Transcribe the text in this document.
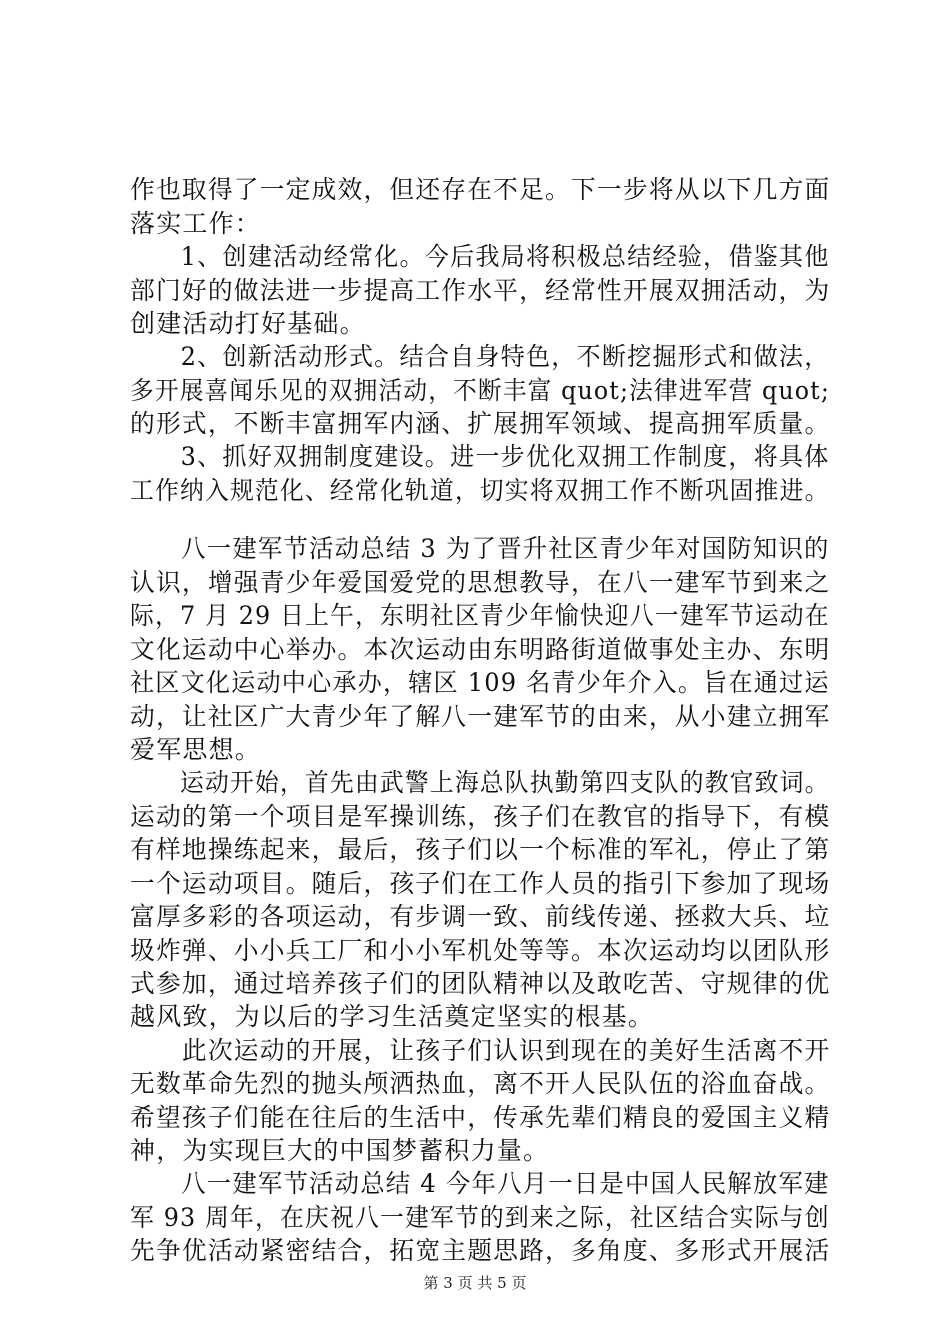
作也取得了一定成效，但还存在不足。下一步将从以下几方面
落实工作：
　　1、创建活动经常化。今后我局将积极总结经验，借鉴其他
部门好的做法进一步提高工作水平，经常性开展双拥活动，为
创建活动打好基础。
　　2、创新活动形式。结合自身特色，不断挖掘形式和做法，
多开展喜闻乐见的双拥活动，不断丰富 quot;法律进军营 quot;
的形式，不断丰富拥军内涵、扩展拥军领域、提高拥军质量。
　　3、抓好双拥制度建设。进一步优化双拥工作制度，将具体
工作纳入规范化、经常化轨道，切实将双拥工作不断巩固推进。
　　八一建军节活动总结 3 为了晋升社区青少年对国防知识的
认识，增强青少年爱国爱党的思想教导，在八一建军节到来之
际，7 月 29 日上午，东明社区青少年愉快迎八一建军节运动在
文化运动中心举办。本次运动由东明路街道做事处主办、东明
社区文化运动中心承办，辖区 109 名青少年介入。旨在通过运
动，让社区广大青少年了解八一建军节的由来，从小建立拥军
爱军思想。
　　运动开始，首先由武警上海总队执勤第四支队的教官致词。
运动的第一个项目是军操训练，孩子们在教官的指导下，有模
有样地操练起来，最后，孩子们以一个标准的军礼，停止了第
一个运动项目。随后，孩子们在工作人员的指引下参加了现场
富厚多彩的各项运动，有步调一致、前线传递、拯救大兵、垃
圾炸弹、小小兵工厂和小小军机处等等。本次运动均以团队形
式参加，通过培养孩子们的团队精神以及敢吃苦、守规律的优
越风致，为以后的学习生活奠定坚实的根基。
　　此次运动的开展，让孩子们认识到现在的美好生活离不开
无数革命先烈的抛头颅洒热血，离不开人民队伍的浴血奋战。
希望孩子们能在往后的生活中，传承先辈们精良的爱国主义精
神，为实现巨大的中国梦蓄积力量。
　　八一建军节活动总结 4 今年八月一日是中国人民解放军建
军 93 周年，在庆祝八一建军节的到来之际，社区结合实际与创
先争优活动紧密结合，拓宽主题思路，多角度、多形式开展活
第 3 页 共 5 页
